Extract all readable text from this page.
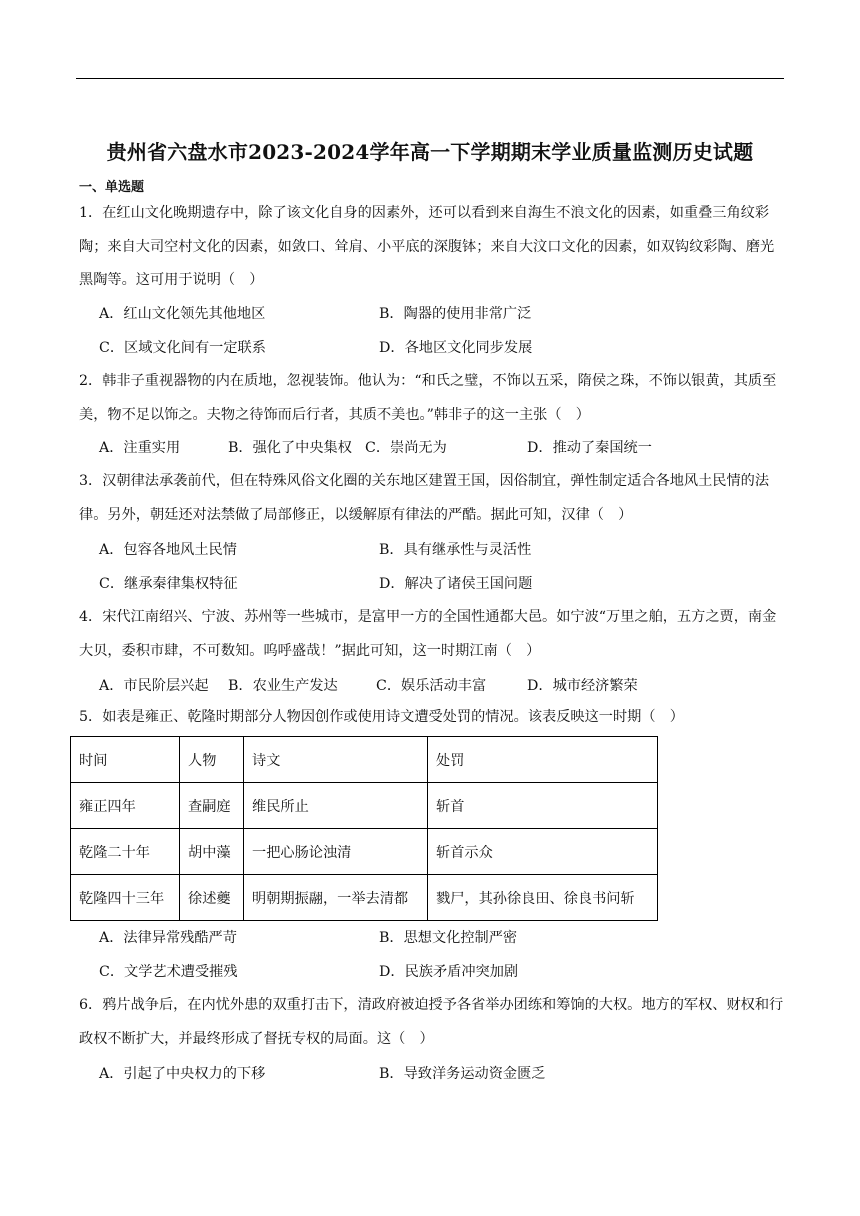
贵州省六盘水市2023-2024学年高一下学期期末学业质量监测历史试题
一、单选题
1．在红山文化晚期遗存中，除了该文化自身的因素外，还可以看到来自海生不浪文化的因素，如重叠三角纹彩陶；来自大司空村文化的因素，如敛口、耸肩、小平底的深腹钵；来自大汶口文化的因素，如双钩纹彩陶、磨光黑陶等。这可用于说明（　）
A．红山文化领先其他地区	B．陶器的使用非常广泛
C．区域文化间有一定联系	D．各地区文化同步发展
2．韩非子重视器物的内在质地，忽视装饰。他认为：“和氏之璧，不饰以五采，隋侯之珠，不饰以银黄，其质至美，物不足以饰之。夫物之待饰而后行者，其质不美也。”韩非子的这一主张（　）
A．注重实用	B．强化了中央集权 C．崇尚无为	D．推动了秦国统一
3．汉朝律法承袭前代，但在特殊风俗文化圈的关东地区建置王国，因俗制宜，弹性制定适合各地风土民情的法律。另外，朝廷还对法禁做了局部修正，以缓解原有律法的严酷。据此可知，汉律（　）
A．包容各地风土民情	B．具有继承性与灵活性
C．继承秦律集权特征	D．解决了诸侯王国问题
4．宋代江南绍兴、宁波、苏州等一些城市，是富甲一方的全国性通都大邑。如宁波“万里之舶，五方之贾，南金大贝，委积市肆，不可数知。呜呼盛哉！”据此可知，这一时期江南（　）
A．市民阶层兴起 B．农业生产发达	C．娱乐活动丰富	D．城市经济繁荣
5．如表是雍正、乾隆时期部分人物因创作或使用诗文遭受处罚的情况。该表反映这一时期（　）
时间	人物	诗文	处罚
雍正四年	查嗣庭	维民所止	斩首
乾隆二十年	胡中藻	一把心肠论浊清	斩首示众
乾隆四十三年	徐述夔	明朝期振翮，一举去清都	戮尸，其孙徐良田、徐良书问斩
A．法律异常残酷严苛	B．思想文化控制严密
C．文学艺术遭受摧残	D．民族矛盾冲突加剧
6．鸦片战争后，在内忧外患的双重打击下，清政府被迫授予各省举办团练和筹饷的大权。地方的军权、财权和行政权不断扩大，并最终形成了督抚专权的局面。这（　）
A．引起了中央权力的下移	B．导致洋务运动资金匮乏
